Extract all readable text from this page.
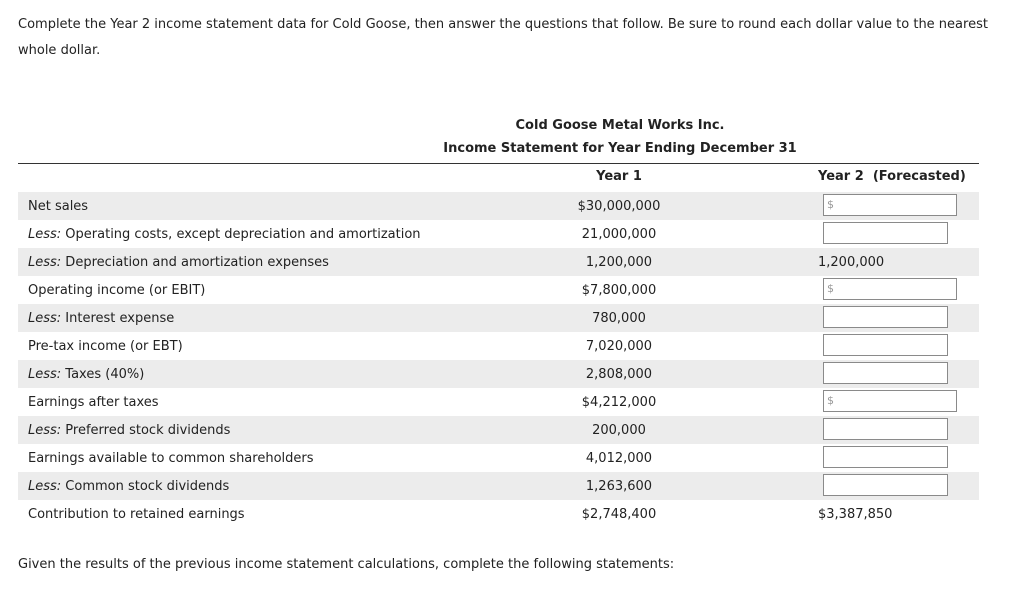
Complete the Year 2 income statement data for Cold Goose, then answer the questions that follow. Be sure to round each dollar value to the nearest whole dollar.
Cold Goose Metal Works Inc.
Income Statement for Year Ending December 31
Year 1	Year 2  (Forecasted)
Net sales	$30,000,000	$
Less: Operating costs, except depreciation and amortization	21,000,000
Less: Depreciation and amortization expenses	1,200,000	1,200,000
Operating income (or EBIT)	$7,800,000	$
Less: Interest expense	780,000
Pre-tax income (or EBT)	7,020,000
Less: Taxes (40%)	2,808,000
Earnings after taxes	$4,212,000	$
Less: Preferred stock dividends	200,000
Earnings available to common shareholders	4,012,000
Less: Common stock dividends	1,263,600
Contribution to retained earnings	$2,748,400	$3,387,850
Given the results of the previous income statement calculations, complete the following statements:
